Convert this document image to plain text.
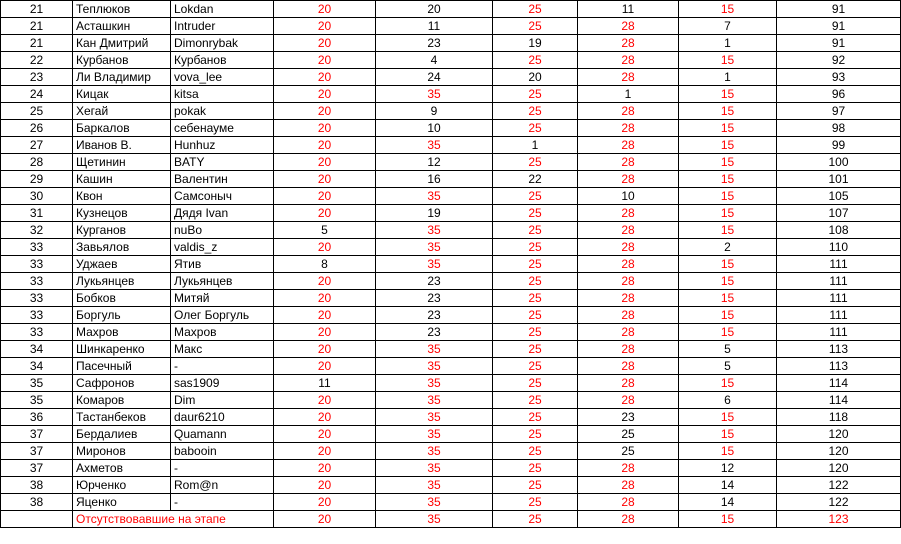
21	Теплюков	Lokdan	20	20	25	11	15	91
21	Асташкин	Intruder	20	11	25	28	7	91
21	Кан Дмитрий	Dimonrybak	20	23	19	28	1	91
22	Курбанов	Курбанов	20	4	25	28	15	92
23	Ли Владимир	vova_lee	20	24	20	28	1	93
24	Кицак	kitsa	20	35	25	1	15	96
25	Хегай	pokak	20	9	25	28	15	97
26	Баркалов	себенауме	20	10	25	28	15	98
27	Иванов В.	Hunhuz	20	35	1	28	15	99
28	Щетинин	BATY	20	12	25	28	15	100
29	Кашин	Валентин	20	16	22	28	15	101
30	Квон	Самсоныч	20	35	25	10	15	105
31	Кузнецов	Дядя Ivan	20	19	25	28	15	107
32	Курганов	nuBo	5	35	25	28	15	108
33	Завьялов	valdis_z	20	35	25	28	2	110
33	Уджаев	Ятив	8	35	25	28	15	111
33	Лукьянцев	Лукьянцев	20	23	25	28	15	111
33	Бобков	Митяй	20	23	25	28	15	111
33	Боргуль	Олег Боргуль	20	23	25	28	15	111
33	Махров	Махров	20	23	25	28	15	111
34	Шинкаренко	Макс	20	35	25	28	5	113
34	Пасечный	-	20	35	25	28	5	113
35	Сафронов	sas1909	11	35	25	28	15	114
35	Комаров	Dim	20	35	25	28	6	114
36	Тастанбеков	daur6210	20	35	25	23	15	118
37	Бердалиев	Quamann	20	35	25	25	15	120
37	Миронов	babooin	20	35	25	25	15	120
37	Ахметов	-	20	35	25	28	12	120
38	Юрченко	Rom@n	20	35	25	28	14	122
38	Яценко	-	20	35	25	28	14	122
	Отсутствовавшие на этапе		20	35	25	28	15	123
